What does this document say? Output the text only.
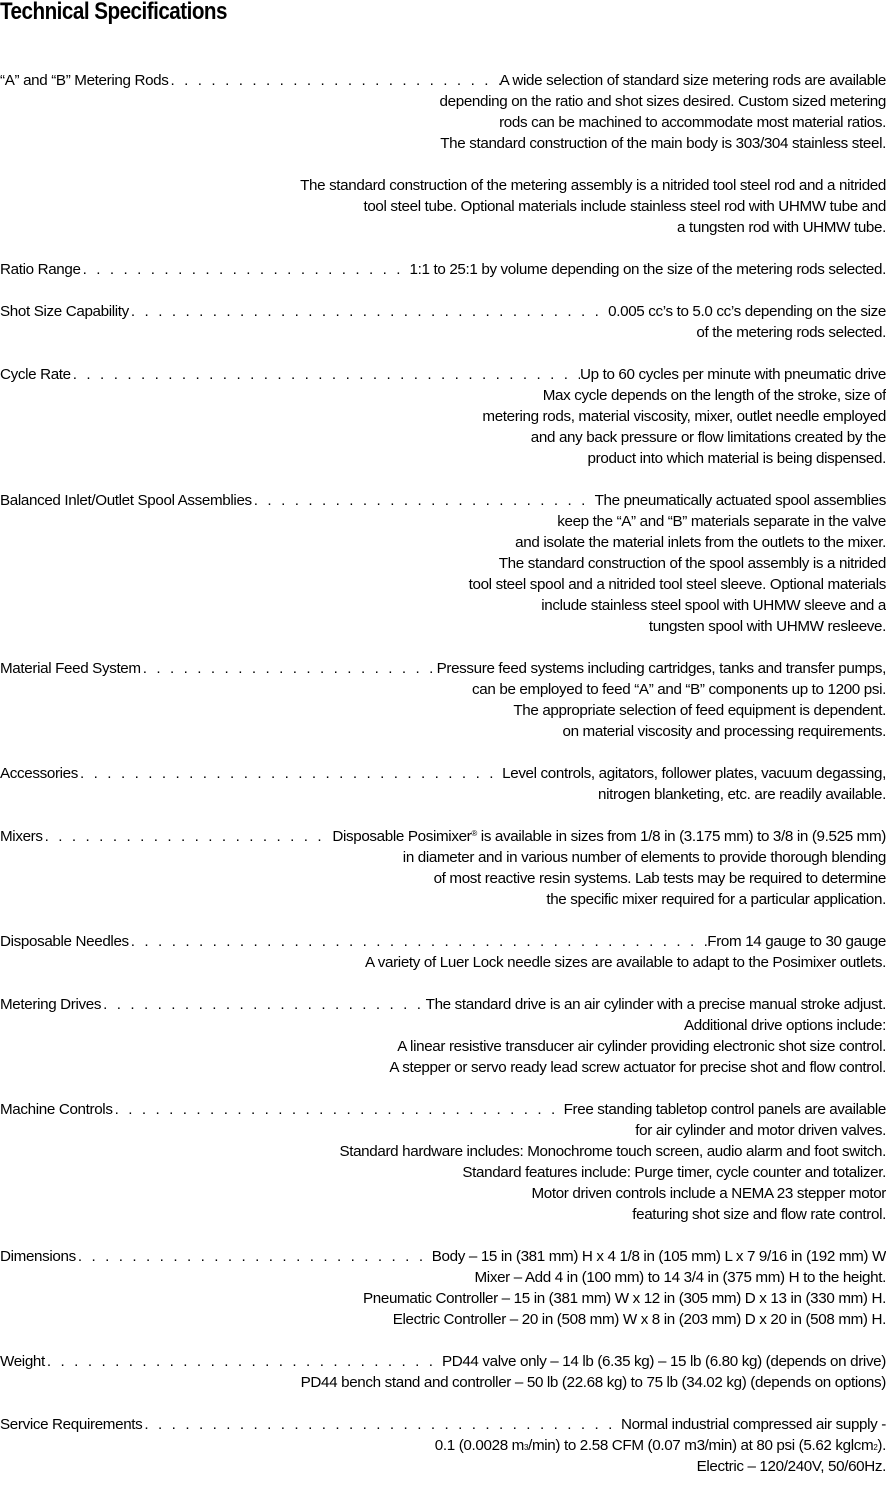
Technical Specifications
“A” and “B” Metering Rods . . .	A wide selection of standard size metering rods are available
depending on the ratio and shot sizes desired. Custom sized metering
rods can be machined to accommodate most material ratios.
The standard construction of the main body is 303/304 stainless steel.
The standard construction of the metering assembly is a nitrided tool steel rod and a nitrided
tool steel tube. Optional materials include stainless steel rod with UHMW tube and
a tungsten rod with UHMW tube.
Ratio Range . . .	1:1 to 25:1 by volume depending on the size of the metering rods selected.
Shot Size Capability . . .	0.005 cc’s to 5.0 cc’s depending on the size
of the metering rods selected.
Cycle Rate . . .	Up to 60 cycles per minute with pneumatic drive
Max cycle depends on the length of the stroke, size of
metering rods, material viscosity, mixer, outlet needle employed
and any back pressure or flow limitations created by the
product into which material is being dispensed.
Balanced Inlet/Outlet Spool Assemblies . . .	The pneumatically actuated spool assemblies
keep the “A” and “B” materials separate in the valve
and isolate the material inlets from the outlets to the mixer.
The standard construction of the spool assembly is a nitrided
tool steel spool and a nitrided tool steel sleeve. Optional materials
include stainless steel spool with UHMW sleeve and a
tungsten spool with UHMW resleeve.
Material Feed System . . .	Pressure feed systems including cartridges, tanks and transfer pumps,
can be employed to feed “A” and “B” components up to 1200 psi.
The appropriate selection of feed equipment is dependent.
on material viscosity and processing requirements.
Accessories . . .	Level controls, agitators, follower plates, vacuum degassing,
nitrogen blanketing, etc. are readily available.
Mixers . . .	Disposable Posimixer® is available in sizes from 1/8 in (3.175 mm) to 3/8 in (9.525 mm)
in diameter and in various number of elements to provide thorough blending
of most reactive resin systems. Lab tests may be required to determine
the specific mixer required for a particular application.
Disposable Needles . . .	From 14 gauge to 30 gauge
A variety of Luer Lock needle sizes are available to adapt to the Posimixer outlets.
Metering Drives . . .	The standard drive is an air cylinder with a precise manual stroke adjust.
Additional drive options include:
A linear resistive transducer air cylinder providing electronic shot size control.
A stepper or servo ready lead screw actuator for precise shot and flow control.
Machine Controls . . .	Free standing tabletop control panels are available
for air cylinder and motor driven valves.
Standard hardware includes: Monochrome touch screen, audio alarm and foot switch.
Standard features include: Purge timer, cycle counter and totalizer.
Motor driven controls include a NEMA 23 stepper motor
featuring shot size and flow rate control.
Dimensions . . .	Body – 15 in (381 mm) H x 4 1/8 in (105 mm) L x 7 9/16 in (192 mm) W
Mixer – Add 4 in (100 mm) to 14 3/4 in (375 mm) H to the height.
Pneumatic Controller – 15 in (381 mm) W x 12 in (305 mm) D x 13 in (330 mm) H.
Electric Controller – 20 in (508 mm) W x 8 in (203 mm) D x 20 in (508 mm) H.
Weight . . .	PD44 valve only – 14 lb (6.35 kg) – 15 lb (6.80 kg) (depends on drive)
PD44 bench stand and controller – 50 lb (22.68 kg) to 75 lb (34.02 kg) (depends on options)
Service Requirements . . .	Normal industrial compressed air supply -
0.1 (0.0028 m 3 /min) to 2.58 CFM (0.07 m3/min) at 80 psi (5.62 kglcm 2 ).
Electric – 120/240V, 50/60Hz.
